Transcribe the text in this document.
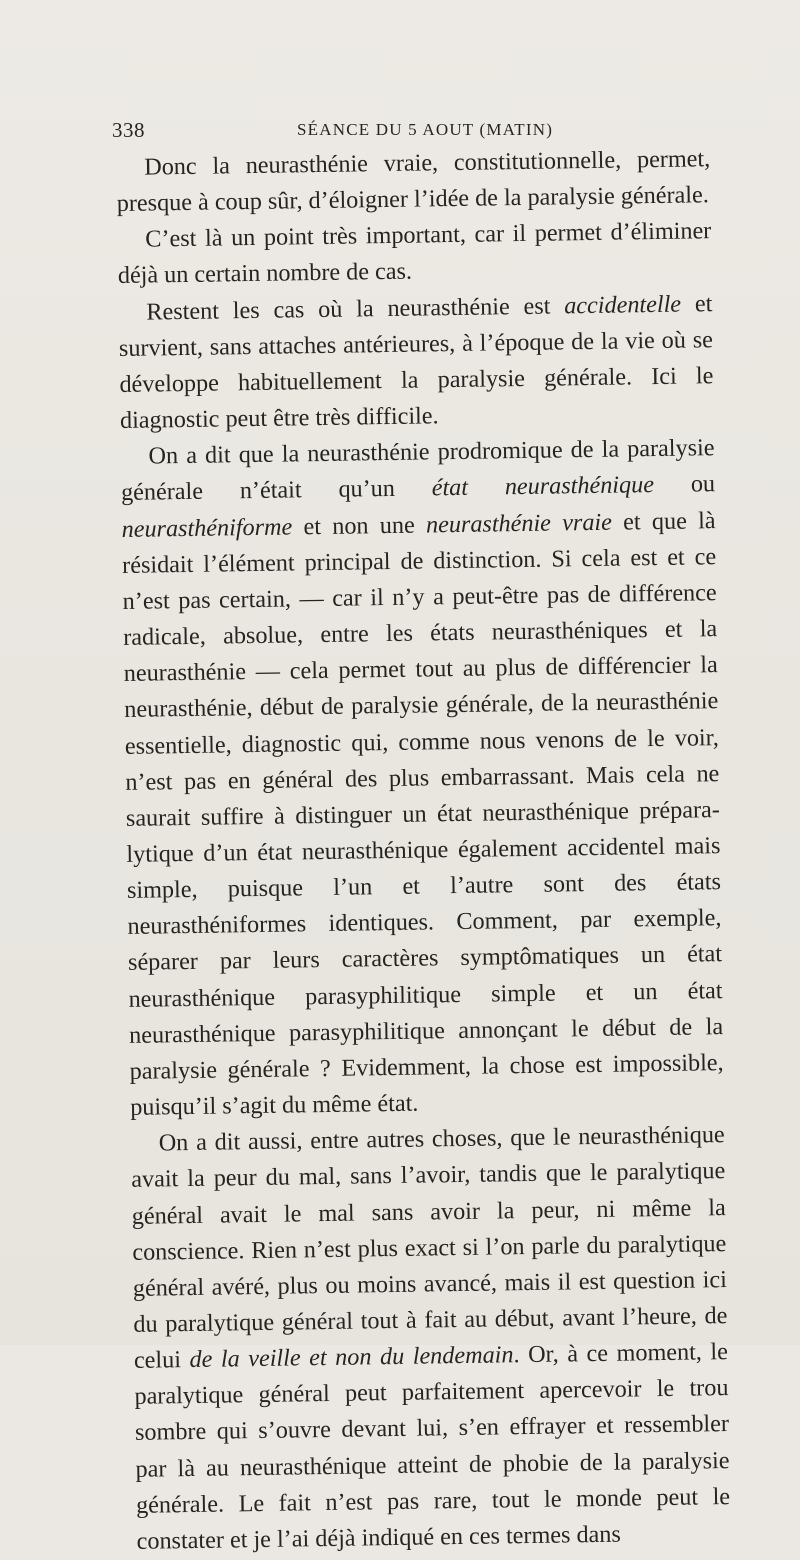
338	SÉANCE DU 5 AOUT (MATIN)

Donc la neurasthénie vraie, constitutionnelle, permet, presque à coup sûr, d’éloigner l’idée de la paralysie générale.

C’est là un point très important, car il permet d’éliminer déjà un certain nombre de cas.

Restent les cas où la neurasthénie est accidentelle et survient, sans attaches antérieures, à l’époque de la vie où se développe habituellement la paralysie générale. Ici le diagnostic peut être très difficile.

On a dit que la neurasthénie prodromique de la paralysie générale n’était qu’un état neurasthénique ou neurasthéniforme et non une neurasthénie vraie et que là résidait l’élément principal de distinction. Si cela est et ce n’est pas certain, — car il n’y a peut-être pas de différence radicale, absolue, entre les états neurasthéniques et la neurasthénie — cela permet tout au plus de différencier la neurasthénie, début de paralysie générale, de la neurasthénie essentielle, diagnostic qui, comme nous venons de le voir, n’est pas en général des plus embarrassant. Mais cela ne saurait suffire à distinguer un état neurasthénique prépara-lytique d’un état neurasthénique également accidentel mais simple, puisque l’un et l’autre sont des états neurasthéniformes identiques. Comment, par exemple, séparer par leurs caractères symptômatiques un état neurasthénique parasyphilitique simple et un état neurasthénique parasyphilitique annonçant le début de la paralysie générale ? Evidemment, la chose est impossible, puisqu’il s’agit du même état.

On a dit aussi, entre autres choses, que le neurasthénique avait la peur du mal, sans l’avoir, tandis que le paralytique général avait le mal sans avoir la peur, ni même la conscience. Rien n’est plus exact si l’on parle du paralytique général avéré, plus ou moins avancé, mais il est question ici du paralytique général tout à fait au début, avant l’heure, de celui de la veille et non du lendemain. Or, à ce moment, le paralytique général peut parfaitement apercevoir le trou sombre qui s’ouvre devant lui, s’en effrayer et ressembler par là au neurasthénique atteint de phobie de la paralysie générale. Le fait n’est pas rare, tout le monde peut le constater et je l’ai déjà indiqué en ces termes dans
